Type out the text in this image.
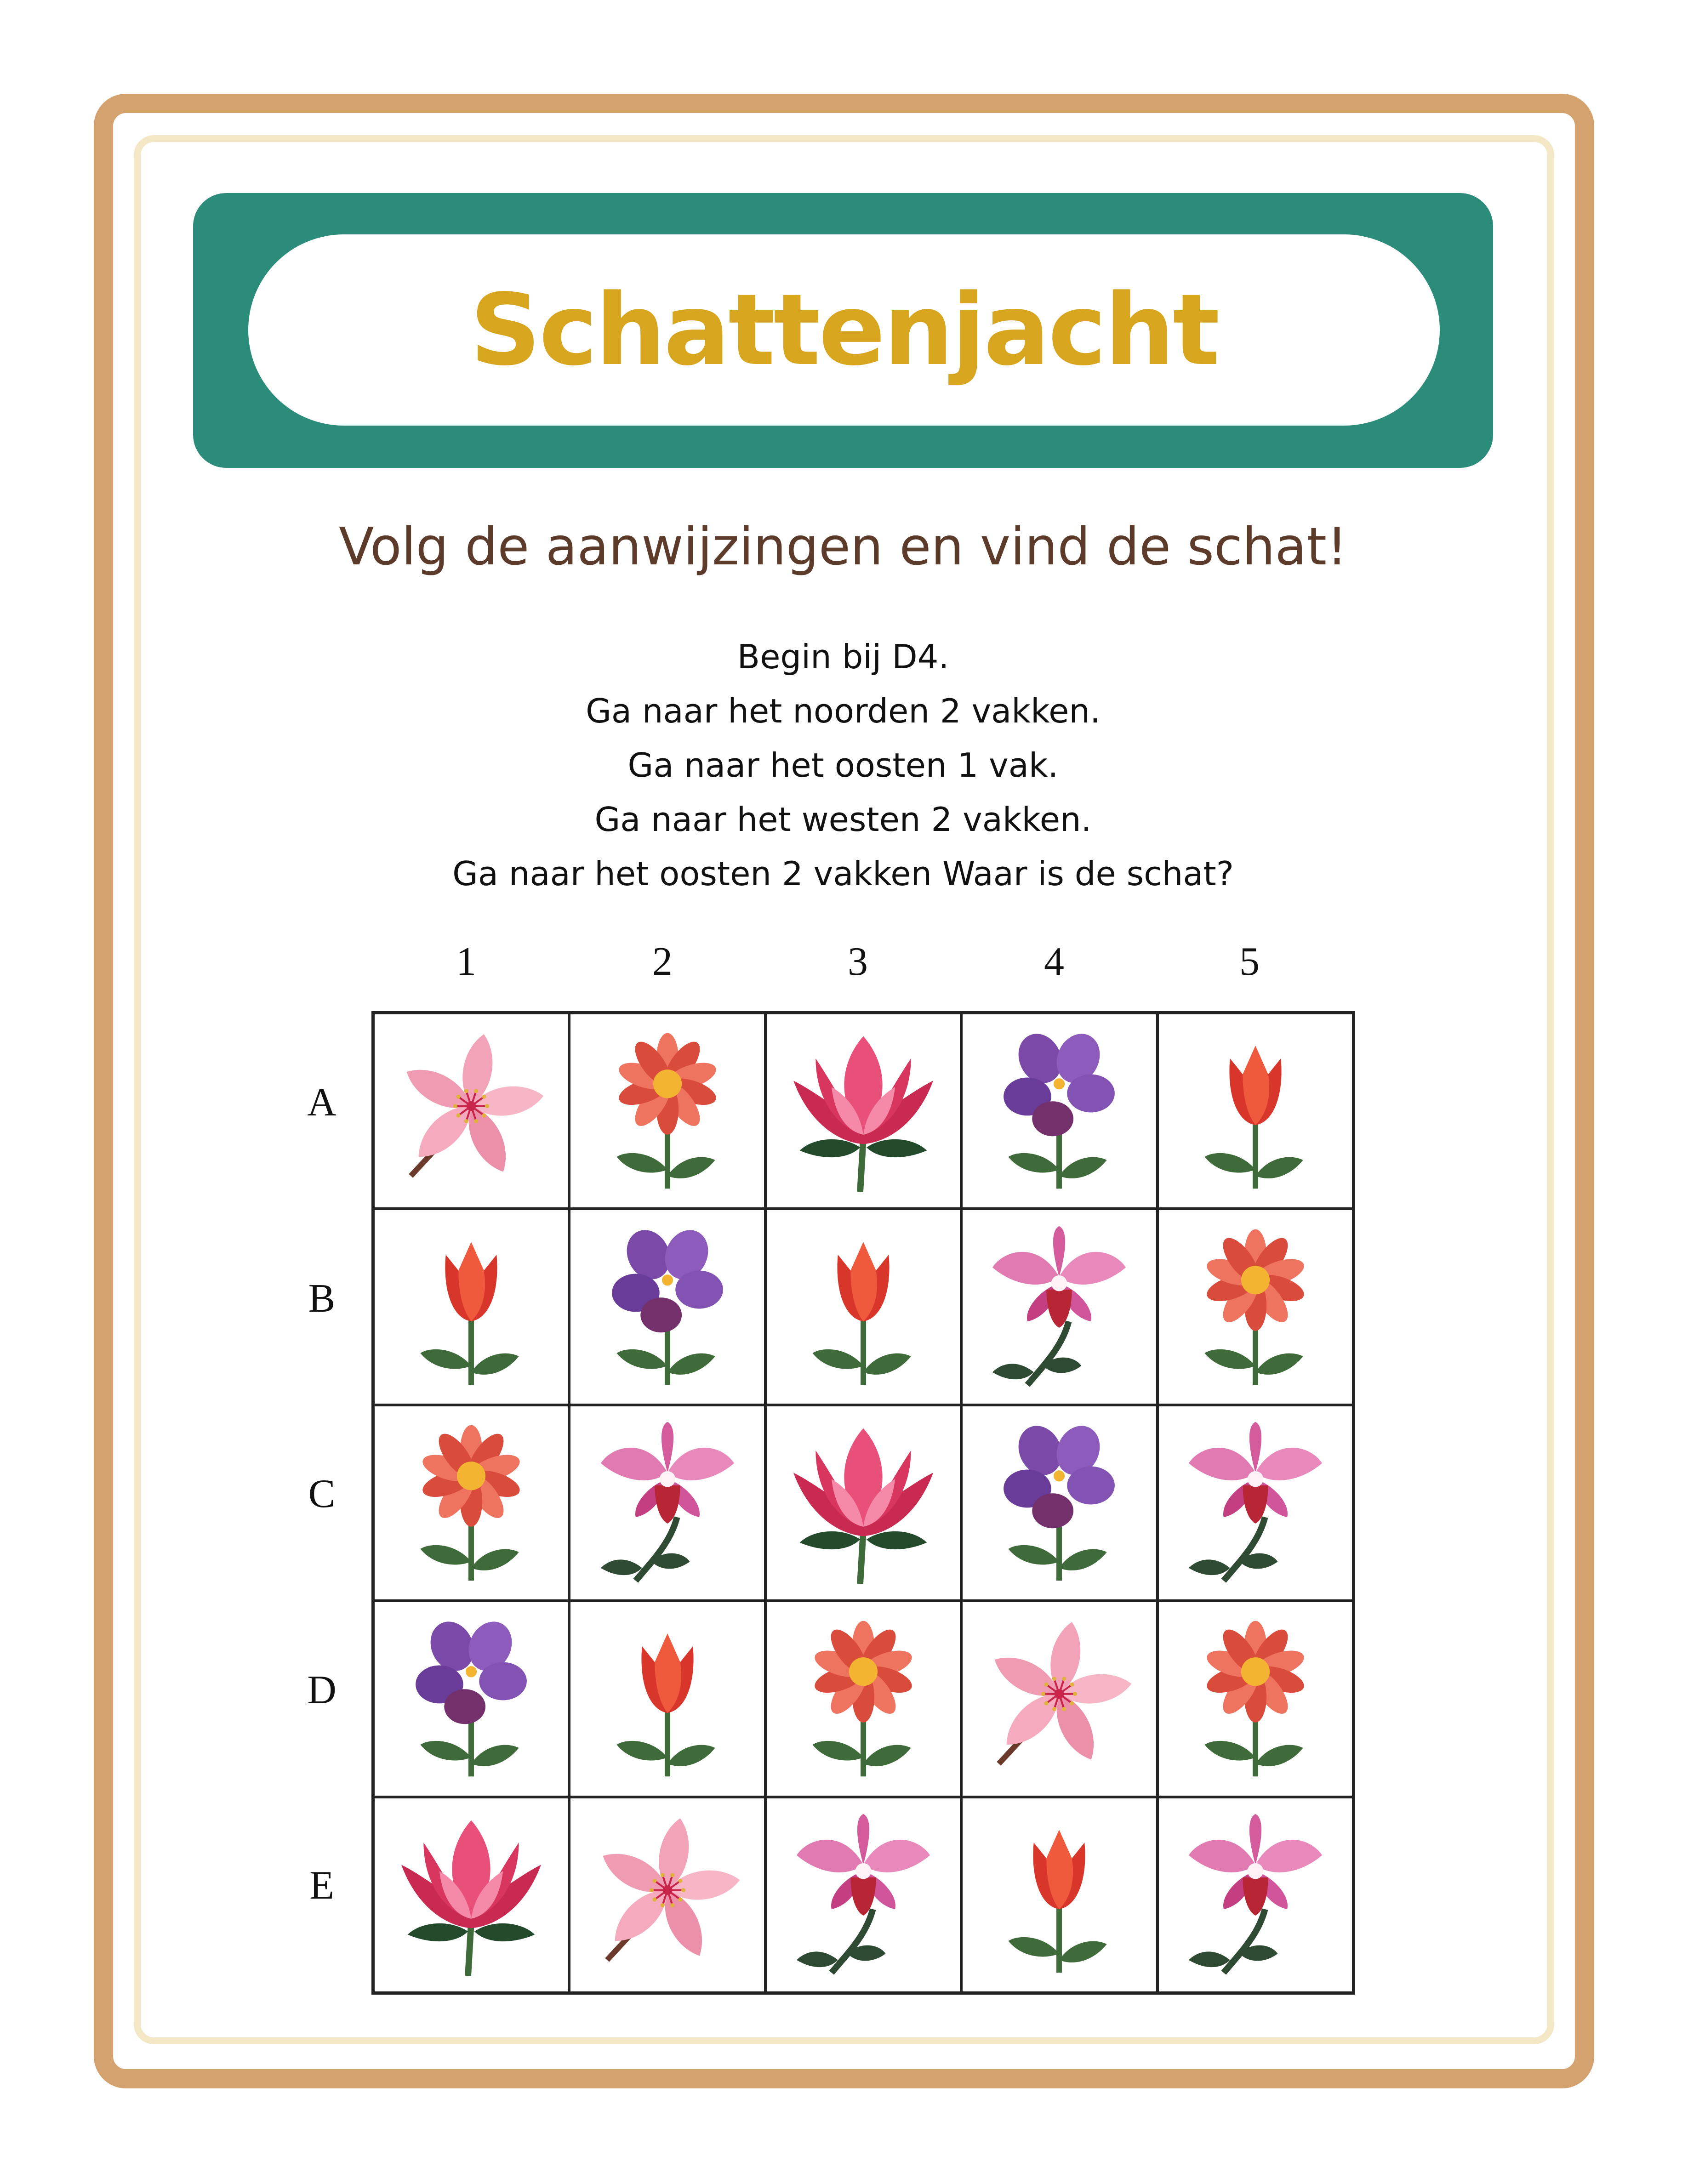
Schattenjacht
Volg de aanwijzingen en vind de schat!
Begin bij D4.
Ga naar het noorden 2 vakken.
Ga naar het oosten 1 vak.
Ga naar het westen 2 vakken.
Ga naar het oosten 2 vakken Waar is de schat?
1	2	3	4	5
A
B
C
D
E
